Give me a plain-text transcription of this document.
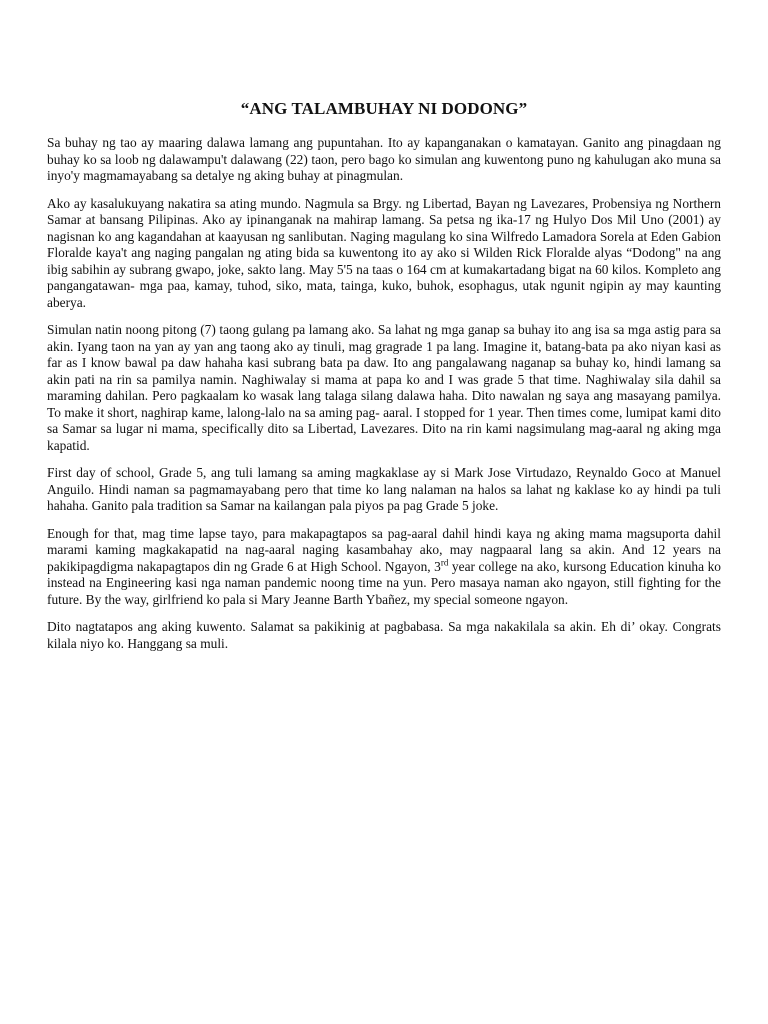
“ANG TALAMBUHAY NI DODONG”

Sa buhay ng tao ay maaring dalawa lamang ang pupuntahan. Ito ay kapanganakan o kamatayan. Ganito ang pinagdaan ng buhay ko sa loob ng dalawampu't dalawang (22) taon, pero bago ko simulan ang kuwentong puno ng kahulugan ako muna sa inyo'y magmamayabang sa detalye ng aking buhay at pinagmulan.

Ako ay kasalukuyang nakatira sa ating mundo. Nagmula sa Brgy. ng Libertad, Bayan ng Lavezares, Probensiya ng Northern Samar at bansang Pilipinas. Ako ay ipinanganak na mahirap lamang. Sa petsa ng ika-17 ng Hulyo Dos Mil Uno (2001) ay nagisnan ko ang kagandahan at kaayusan ng sanlibutan. Naging magulang ko sina Wilfredo Lamadora Sorela at Eden Gabion Floralde kaya't ang naging pangalan ng ating bida sa kuwentong ito ay ako si Wilden Rick Floralde alyas “Dodong" na ang ibig sabihin ay subrang gwapo, joke, sakto lang. May 5'5 na taas o 164 cm at kumakartadang bigat na 60 kilos. Kompleto ang pangangatawan- mga paa, kamay, tuhod, siko, mata, tainga, kuko, buhok, esophagus, utak ngunit ngipin ay may kaunting aberya.

Simulan natin noong pitong (7) taong gulang pa lamang ako. Sa lahat ng mga ganap sa buhay ito ang isa sa mga astig para sa akin. Iyang taon na yan ay yan ang taong ako ay tinuli, mag gragrade 1 pa lang. Imagine it, batang-bata pa ako niyan kasi as far as I know bawal pa daw hahaha kasi subrang bata pa daw. Ito ang pangalawang naganap sa buhay ko, hindi lamang sa akin pati na rin sa pamilya namin. Naghiwalay si mama at papa ko and I was grade 5 that time. Naghiwalay sila dahil sa maraming dahilan. Pero pagkaalam ko wasak lang talaga silang dalawa haha. Dito nawalan ng saya ang masayang pamilya. To make it short, naghirap kame, lalong-lalo na sa aming pag- aaral. I stopped for 1 year. Then times come, lumipat kami dito sa Samar sa lugar ni mama, specifically dito sa Libertad, Lavezares. Dito na rin kami nagsimulang mag-aaral ng aking mga kapatid.

First day of school, Grade 5, ang tuli lamang sa aming magkaklase ay si Mark Jose Virtudazo, Reynaldo Goco at Manuel Anguilo. Hindi naman sa pagmamayabang pero that time ko lang nalaman na halos sa lahat ng kaklase ko ay hindi pa tuli hahaha. Ganito pala tradition sa Samar na kailangan pala piyos pa pag Grade 5 joke.

Enough for that, mag time lapse tayo, para makapagtapos sa pag-aaral dahil hindi kaya ng aking mama magsuporta dahil marami kaming magkakapatid na nag-aaral naging kasambahay ako, may nagpaaral lang sa akin. And 12 years na pakikipagdigma nakapagtapos din ng Grade 6 at High School. Ngayon, 3rd year college na ako, kursong Education kinuha ko instead na Engineering kasi nga naman pandemic noong time na yun. Pero masaya naman ako ngayon, still fighting for the future. By the way, girlfriend ko pala si Mary Jeanne Barth Ybañez, my special someone ngayon.

Dito nagtatapos ang aking kuwento. Salamat sa pakikinig at pagbabasa. Sa mga nakakilala sa akin. Eh di’ okay. Congrats kilala niyo ko. Hanggang sa muli.
